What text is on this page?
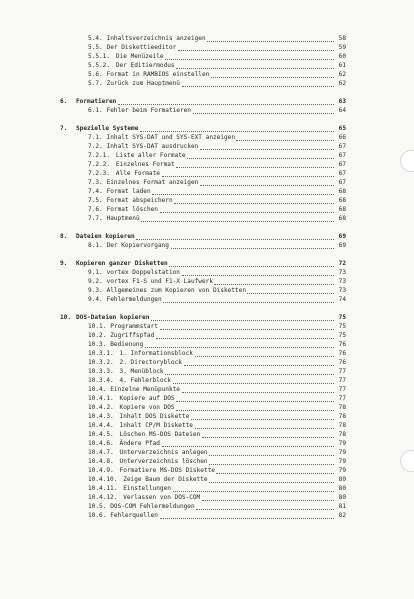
5.4. Inhaltsverzeichnis anzeigen	58
5.5. Der Diskettieeditor	59
5.5.1. Die Menüzeile	60
5.5.2. Der Editiermodus	61
5.6. Format in RAMBIOS einstellen	62
5.7. Zurück zum Hauptmenü	62
6. Formatieren	63
6.1. Fehler beim Formatieren	64
7. Spezielle Systeme	65
7.1. Inhalt SYS-DAT und SYS-EXT anzeigen	66
7.2. Inhalt SYS-DAT ausdrucken	67
7.2.1. Liste aller Formate	67
7.2.2. Einzelnes Format	67
7.2.3. Alle Formate	67
7.3. Einzelnes Format anzeigen	67
7.4. Format laden	68
7.5. Format abspeichern	68
7.6. Format löschen	68
7.7. Hauptmenü	68
8. Dateien kopieren	69
8.1. Der Kopiervorgang	69
9. Kopieren ganzer Disketten	72
9.1. vortex Doppelstation	73
9.2. vortex F1-S und F1-X Laufwerk	73
9.3. Allgemeines zum Kopieren von Disketten	73
9.4. Fehlermeldungen	74
10. DOS-Dateien kopieren	75
10.1. Programmstart	75
10.2. Zugriffspfad	75
10.3. Bedienung	76
10.3.1. 1. Informationsblock	76
10.3.2. 2. Directoryblock	76
10.3.3. 3. Menüblock	77
10.3.4. 4. Fehlerblock	77
10.4. Einzelne Menüpunkte	77
10.4.1. Kopiere auf DOS	77
10.4.2. Kopiere von DOS	78
10.4.3. Inhalt DOS Diskette	78
10.4.4. Inhalt CP/M Diskette	78
10.4.5. Löschen MS-DOS Dateien	78
10.4.6. Ändere Pfad	79
10.4.7. Unterverzeichnis anlegen	79
10.4.8. Unterverzeichnis löschen	79
10.4.9. Formatiere MS-DOS Diskette	79
10.4.10. Zeige Baum der Diskette	80
10.4.11. Einstellungen	80
10.4.12. Verlassen von DOS-COM	80
10.5. DOS-COM Fehlermeldungen	81
10.6. Fehlerquellen	82
